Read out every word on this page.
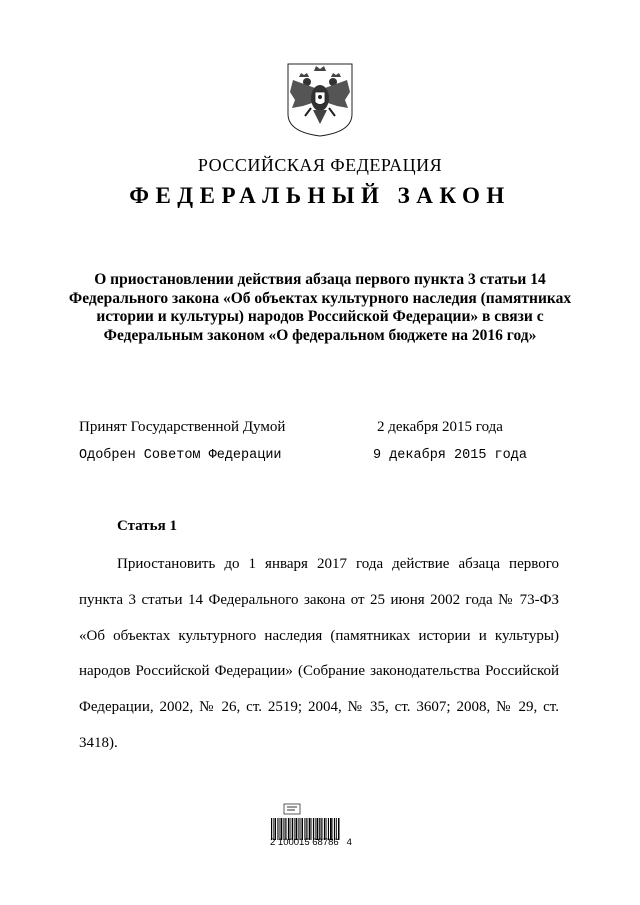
РОССИЙСКАЯ ФЕДЕРАЦИЯ
ФЕДЕРАЛЬНЫЙ ЗАКОН
О приостановлении действия абзаца первого пункта 3 статьи 14 Федерального закона «Об объектах культурного наследия (памятниках истории и культуры) народов Российской Федерации» в связи с Федеральным законом «О федеральном бюджете на 2016 год»
Принят Государственной Думой	2 декабря 2015 года
Одобрен Советом Федерации	9 декабря 2015 года
Статья 1
Приостановить до 1 января 2017 года действие абзаца первого пункта 3 статьи 14 Федерального закона от 25 июня 2002 года № 73-ФЗ «Об объектах культурного наследия (памятниках истории и культуры) народов Российской Федерации» (Собрание законодательства Российской Федерации, 2002, № 26, ст. 2519; 2004, № 35, ст. 3607; 2008, № 29, ст. 3418).
2 100015 68786   4
